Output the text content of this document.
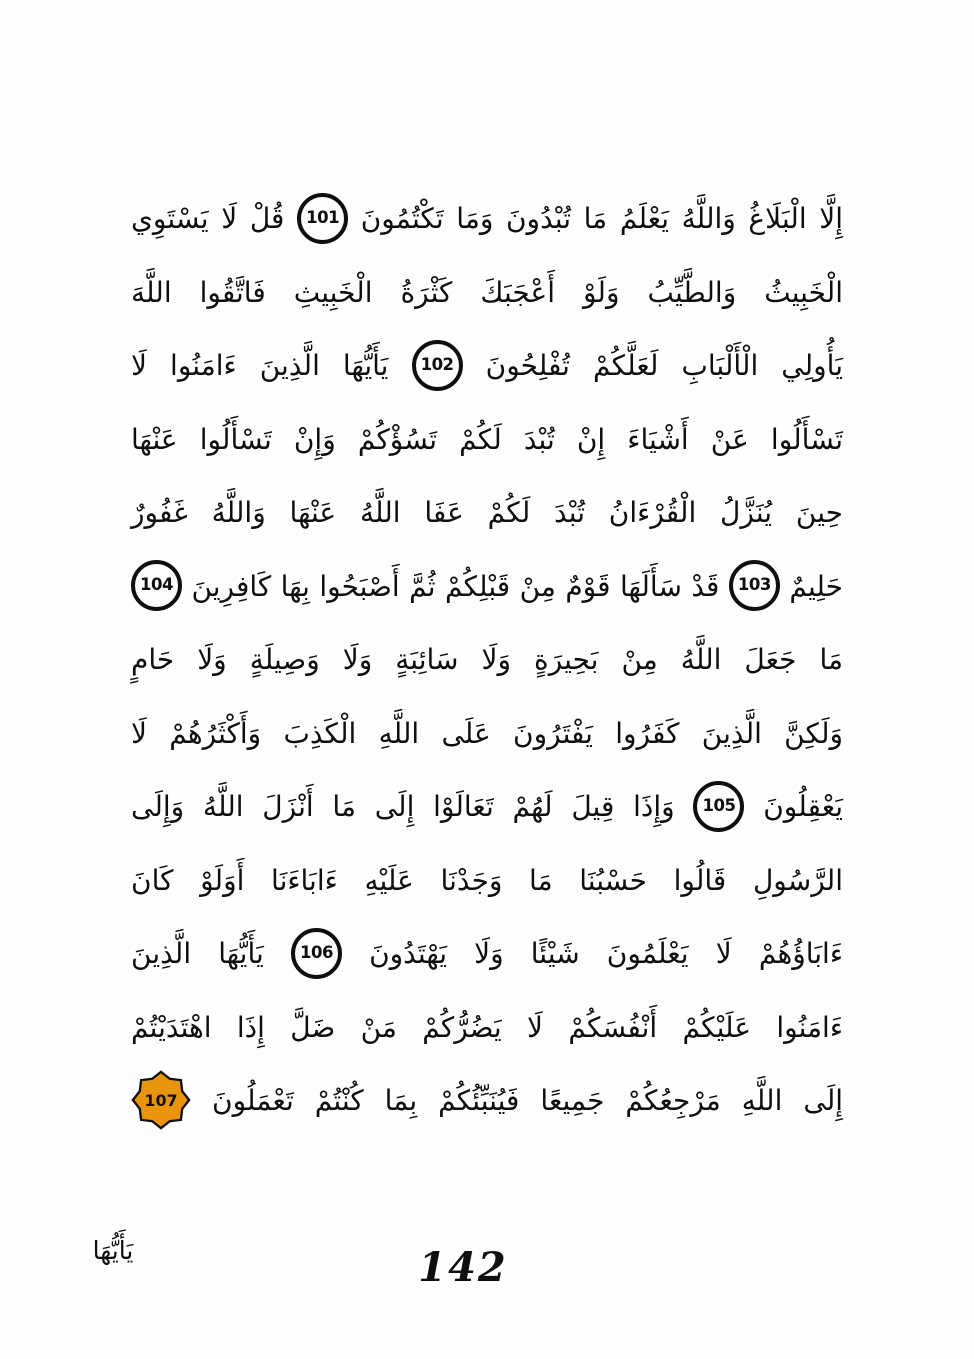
إِلَّا الْبَلَاغُ وَاللَّهُ يَعْلَمُ مَا تُبْدُونَ وَمَا تَكْتُمُونَ
101
قُلْ لَا يَسْتَوِي
الْخَبِيثُ وَالطَّيِّبُ وَلَوْ أَعْجَبَكَ كَثْرَةُ الْخَبِيثِ فَاتَّقُوا اللَّهَ
يَأُولِي الْأَلْبَابِ لَعَلَّكُمْ تُفْلِحُونَ
102
يَأَيُّهَا الَّذِينَ ءَامَنُوا لَا
تَسْأَلُوا عَنْ أَشْيَاءَ إِنْ تُبْدَ لَكُمْ تَسُؤْكُمْ وَإِنْ تَسْأَلُوا عَنْهَا
حِينَ يُنَزَّلُ الْقُرْءَانُ تُبْدَ لَكُمْ عَفَا اللَّهُ عَنْهَا وَاللَّهُ غَفُورٌ
حَلِيمٌ
103
قَدْ سَأَلَهَا قَوْمٌ مِنْ قَبْلِكُمْ ثُمَّ أَصْبَحُوا بِهَا كَافِرِينَ
104
مَا جَعَلَ اللَّهُ مِنْ بَحِيرَةٍ وَلَا سَائِبَةٍ وَلَا وَصِيلَةٍ وَلَا حَامٍ
وَلَكِنَّ الَّذِينَ كَفَرُوا يَفْتَرُونَ عَلَى اللَّهِ الْكَذِبَ وَأَكْثَرُهُمْ لَا
يَعْقِلُونَ
105
وَإِذَا قِيلَ لَهُمْ تَعَالَوْا إِلَى مَا أَنْزَلَ اللَّهُ وَإِلَى
الرَّسُولِ قَالُوا حَسْبُنَا مَا وَجَدْنَا عَلَيْهِ ءَابَاءَنَا أَوَلَوْ كَانَ
ءَابَاؤُهُمْ لَا يَعْلَمُونَ شَيْئًا وَلَا يَهْتَدُونَ
106
يَأَيُّهَا الَّذِينَ
ءَامَنُوا عَلَيْكُمْ أَنْفُسَكُمْ لَا يَضُرُّكُمْ مَنْ ضَلَّ إِذَا اهْتَدَيْتُمْ
إِلَى اللَّهِ مَرْجِعُكُمْ جَمِيعًا فَيُنَبِّئُكُمْ بِمَا كُنْتُمْ تَعْمَلُونَ
107
يَأَيُّهَا	142
